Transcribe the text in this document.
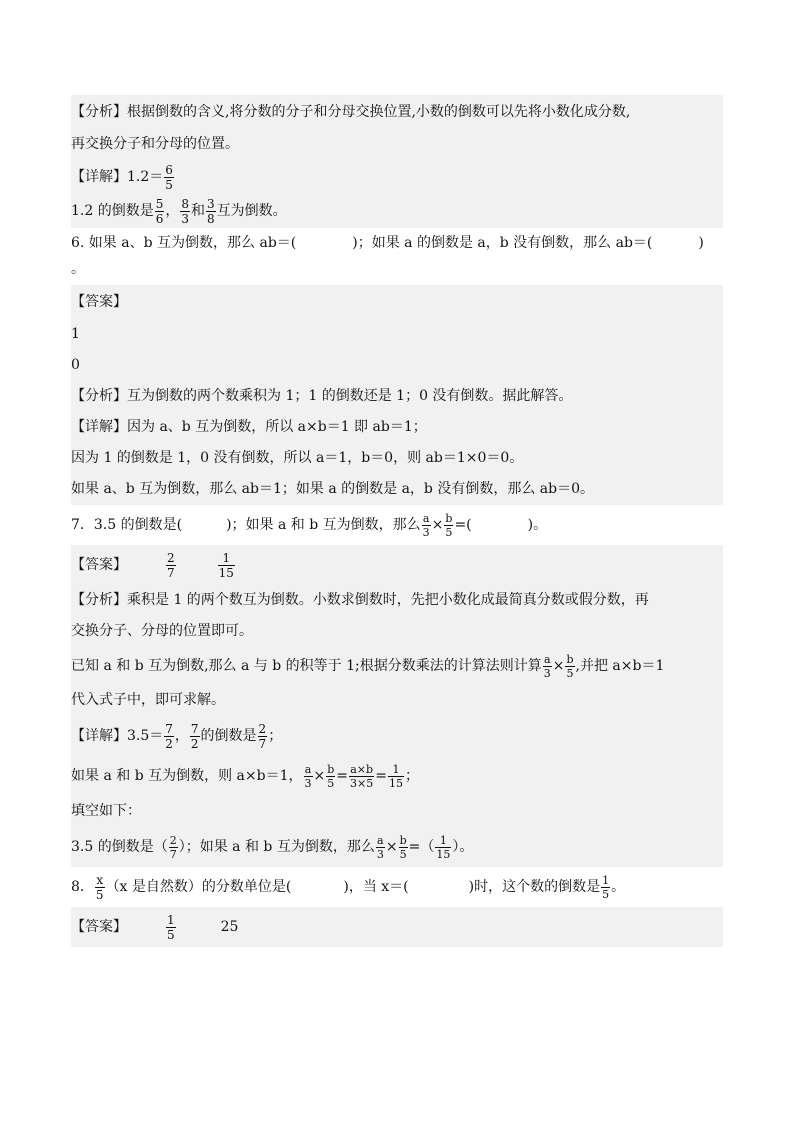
【分析】根据倒数的含义,将分数的分子和分母交换位置,小数的倒数可以先将小数化成分数,
再交换分子和分母的位置。
【详解】$1.2= \frac{6}{5}$
1.2 的倒数是 $\frac{5}{6}$ ， $\frac{8}{3}$ 和 $\frac{3}{8}$ 互为倒数。
6. 如果 a、b 互为倒数，那么 ab＝(	)；如果 a 的倒数是 a，b 没有倒数，那么 ab＝(	)
。
【答案】
1
0
【分析】互为倒数的两个数乘积为 1；1 的倒数还是 1；0 没有倒数。据此解答。
【详解】因为 a、b 互为倒数，所以 a×b＝1 即 ab＝1；
因为 1 的倒数是 1，0 没有倒数，所以 a＝1，b＝0，则 ab＝1×0＝0。
如果 a、b 互为倒数，那么 ab＝1；如果 a 的倒数是 a，b 没有倒数，那么 ab＝0。
7．3.5 的倒数是(	)；如果 a 和 b 互为倒数，那么 $\frac{a}{3} \times \frac{b}{5}$ =(	)。
【答案】	$\frac{2}{7}$	$\frac{1}{15}$
【分析】乘积是 1 的两个数互为倒数。小数求倒数时，先把小数化成最简真分数或假分数，再
交换分子、分母的位置即可。
已知 a 和 b 互为倒数,那么 a 与 b 的积等于 1;根据分数乘法的计算法则计算 $\frac{a}{3} \times \frac{b}{5}$ ,并把 a×b＝1
代入式子中，即可求解。
【详解】$3.5= \frac{7}{2}$ ， $\frac{7}{2}$ 的倒数是 $\frac{2}{7}$ ；
如果 a 和 b 互为倒数，则 a×b＝1， $\frac{a}{3} \times \frac{b}{5} = \frac{a\times b}{3\times 5} = \frac{1}{15}$ ；
填空如下：
3.5 的倒数是（ $\frac{2}{7}$ ）；如果 a 和 b 互为倒数，那么 $\frac{a}{3} \times \frac{b}{5}$ =（ $\frac{1}{15}$ ）。
8． $\frac{x}{5} (x$ 是自然数）的分数单位是(	)，当 x＝(	)时，这个数的倒数是 $\frac{1}{5}$ 。
【答案】	$\frac{1}{5}$	25
